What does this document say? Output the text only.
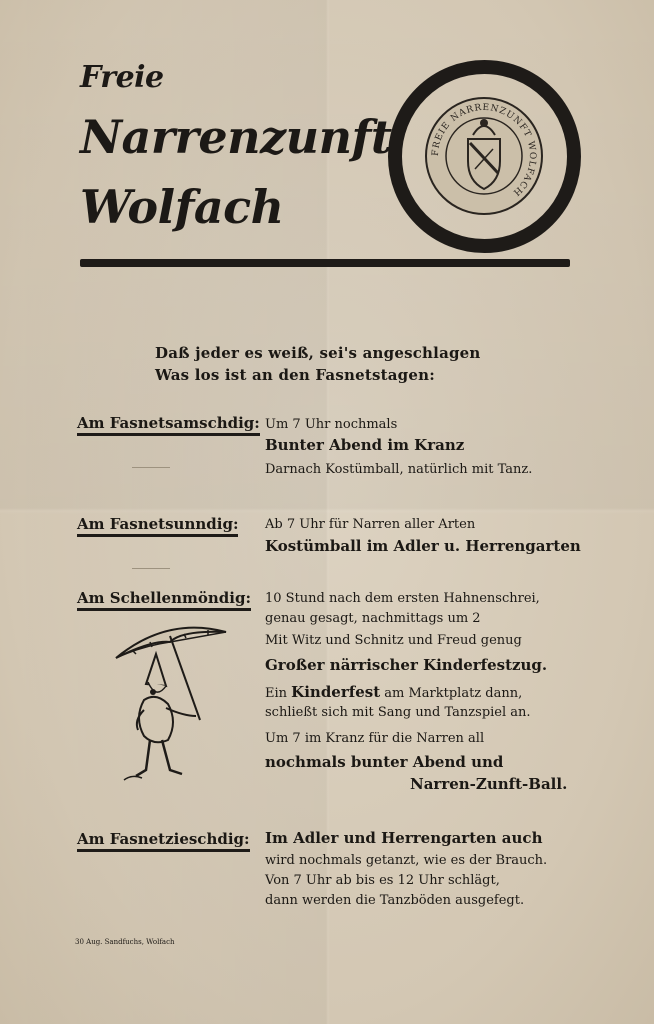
Freie
Narrenzunft
Wolfach
FREIE NARRENZUNFT WOLFACH
Daß jeder es weiß, sei's angeschlagen
Was los ist an den Fasnetstagen:
Am Fasnetsamschdig: Um 7 Uhr nochmals
Bunter Abend im Kranz
Darnach Kostümball, natürlich mit Tanz.
Am Fasnetsunndig: Ab 7 Uhr für Narren aller Arten
Kostümball im Adler u. Herrengarten
Am Schellenmöndig: 10 Stund nach dem ersten Hahnenschrei,
genau gesagt, nachmittags um 2
Mit Witz und Schnitz und Freud genug
Großer närrischer Kinderfestzug.
Ein Kinderfest am Marktplatz dann,
schließt sich mit Sang und Tanzspiel an.
Um 7 im Kranz für die Narren all
nochmals bunter Abend und
Narren-Zunft-Ball.
Am Fasnetzieschdig: Im Adler und Herrengarten auch
wird nochmals getanzt, wie es der Brauch.
Von 7 Uhr ab bis es 12 Uhr schlägt,
dann werden die Tanzböden ausgefegt.
30 Aug. Sandfuchs, Wolfach
